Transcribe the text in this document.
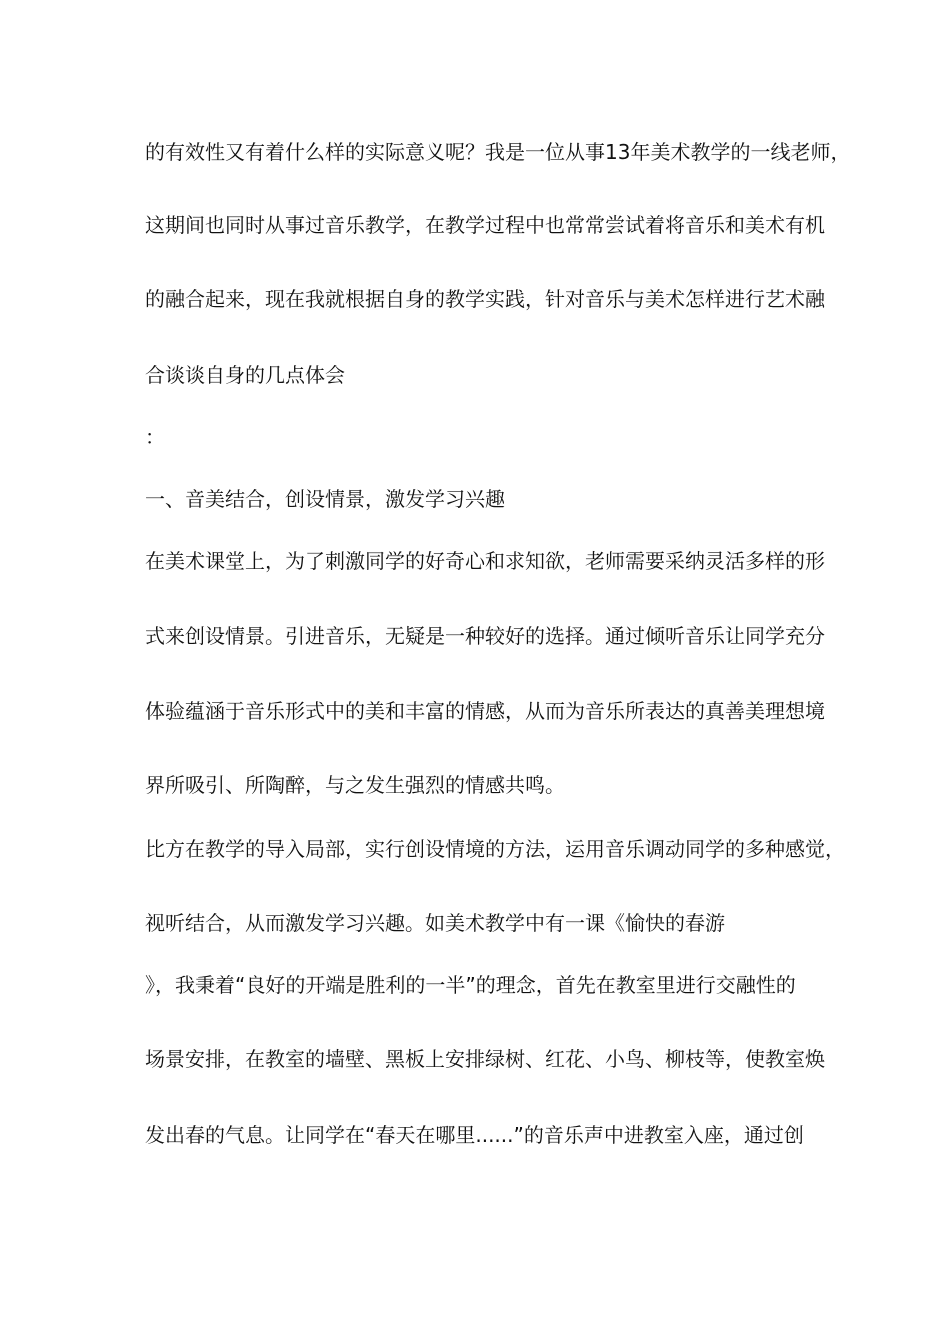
的有效性又有着什么样的实际意义呢？我是一位从事13年美术教学的一线老师，
这期间也同时从事过音乐教学，在教学过程中也常常尝试着将音乐和美术有机
的融合起来，现在我就根据自身的教学实践，针对音乐与美术怎样进行艺术融
合谈谈自身的几点体会
：
一、音美结合，创设情景，激发学习兴趣
在美术课堂上，为了刺激同学的好奇心和求知欲，老师需要采纳灵活多样的形
式来创设情景。引进音乐，无疑是一种较好的选择。通过倾听音乐让同学充分
体验蕴涵于音乐形式中的美和丰富的情感，从而为音乐所表达的真善美理想境
界所吸引、所陶醉，与之发生强烈的情感共鸣。
比方在教学的导入局部，实行创设情境的方法，运用音乐调动同学的多种感觉，
视听结合，从而激发学习兴趣。如美术教学中有一课《愉快的春游
》，我秉着“良好的开端是胜利的一半”的理念，首先在教室里进行交融性的
场景安排，在教室的墙壁、黑板上安排绿树、红花、小鸟、柳枝等，使教室焕
发出春的气息。让同学在“春天在哪里......”的音乐声中进教室入座，通过创
